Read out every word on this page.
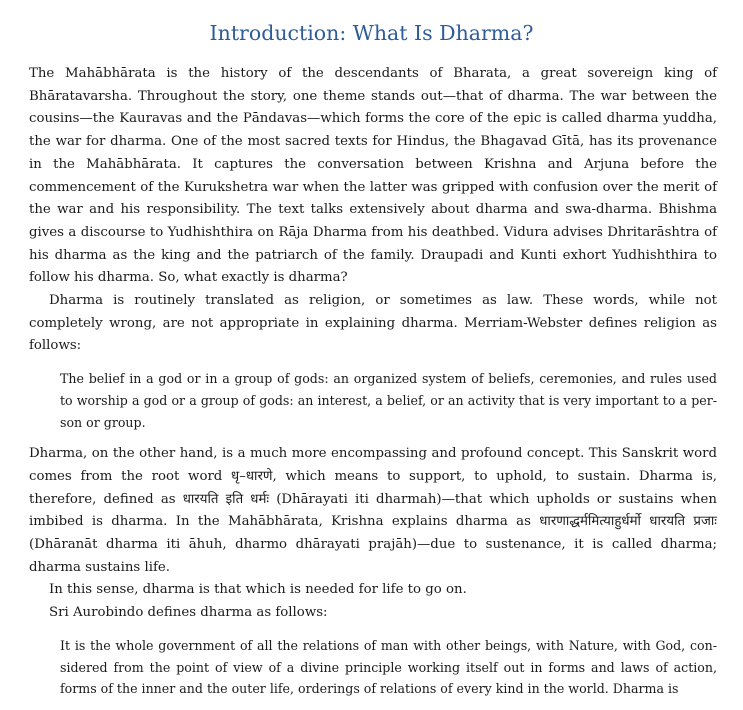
Introduction: What Is Dharma?

The Mahābhārata is the history of the descendants of Bharata, a great sovereign king of Bhāratavarsha. Throughout the story, one theme stands out—that of dharma. The war between the cousins—the Kauravas and the Pāndavas—which forms the core of the epic is called dharma yuddha, the war for dharma. One of the most sacred texts for Hindus, the Bhagavad Gītā, has its provenance in the Mahābhārata. It captures the conversation between Krishna and Arjuna before the commencement of the Kurukshetra war when the latter was gripped with confusion over the merit of the war and his responsibility. The text talks extensively about dharma and swa-dharma. Bhishma gives a discourse to Yudhishthira on Rāja Dharma from his deathbed. Vidura advises Dhritarāshtra of his dharma as the king and the patriarch of the family. Draupadi and Kunti exhort Yudhishthira to follow his dharma. So, what exactly is dharma?

Dharma is routinely translated as religion, or sometimes as law. These words, while not completely wrong, are not appropriate in explaining dharma. Merriam-Webster defines religion as follows:

The belief in a god or in a group of gods: an organized system of beliefs, ceremonies, and rules used to worship a god or a group of gods: an interest, a belief, or an activity that is very important to a person or group.

Dharma, on the other hand, is a much more encompassing and profound concept. This Sanskrit word comes from the root word धृ–धारणे, which means to support, to uphold, to sustain. Dharma is, therefore, defined as धारयति इति धर्मः (Dhārayati iti dharmah)—that which upholds or sustains when imbibed is dharma. In the Mahābhārata, Krishna explains dharma as धारणाद्धर्ममित्याहुर्धर्मो धारयति प्रजाः (Dhāranāt dharma iti āhuh, dharmo dhārayati prajāh)—due to sustenance, it is called dharma; dharma sustains life.

In this sense, dharma is that which is needed for life to go on.

Sri Aurobindo defines dharma as follows:

It is the whole government of all the relations of man with other beings, with Nature, with God, considered from the point of view of a divine principle working itself out in forms and laws of action, forms of the inner and the outer life, orderings of relations of every kind in the world. Dharma is
